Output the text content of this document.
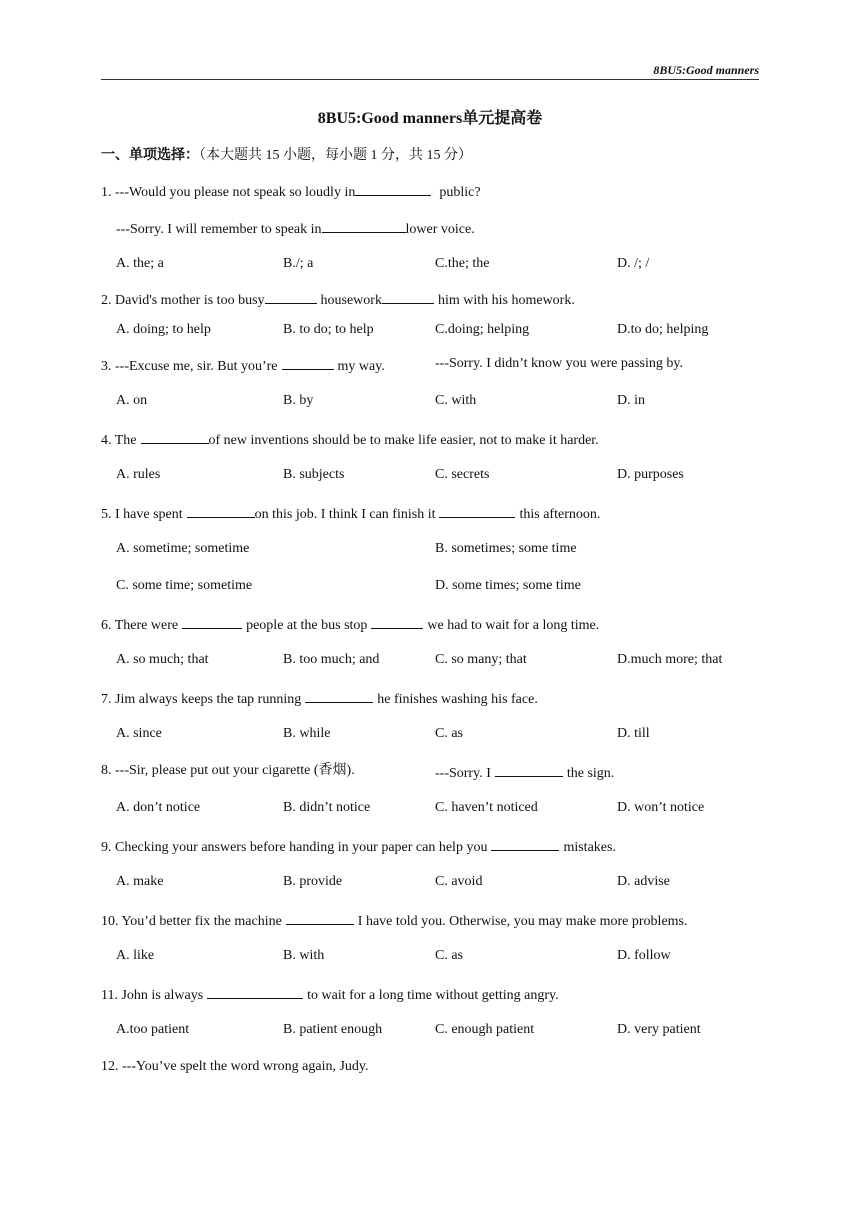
8BU5:Good manners
8BU5:Good manners单元提高卷
一、单项选择：（本大题共 15 小题，每小题 1 分，共 15 分）
1. ---Would you please not speak so loudly in	public?
---Sorry. I will remember to speak in	lower voice.
A. the; a	B./; a	C.the; the	D. /; /
2. David's mother is too busy	housework	him with his homework.
A. doing; to help	B. to do; to help	C.doing; helping	D.to do; helping
3. ---Excuse me, sir. But you’re	my way.	---Sorry. I didn’t know you were passing by.
A. on	B. by	C. with	D. in
4. The	of new inventions should be to make life easier, not to make it harder.
A. rules	B. subjects	C. secrets	D. purposes
5. I have spent	on this job. I think I can finish it	this afternoon.
A. sometime; sometime	B. sometimes; some time
C. some time; sometime	D. some times; some time
6. There were	people at the bus stop	we had to wait for a long time.
A. so much; that	B. too much; and	C. so many; that	D.much more; that
7. Jim always keeps the tap running	he finishes washing his face.
A. since	B. while	C. as	D. till
8. ---Sir, please put out your cigarette (香烟).	---Sorry. I	the sign.
A. don’t notice	B. didn’t notice	C. haven’t noticed	D. won’t notice
9. Checking your answers before handing in your paper can help you	mistakes.
A. make	B. provide	C. avoid	D. advise
10. You’d better fix the machine	I have told you. Otherwise, you may make more problems.
A. like	B. with	C. as	D. follow
11. John is always	to wait for a long time without getting angry.
A.too patient	B. patient enough	C. enough patient	D. very patient
12. ---You’ve spelt the word wrong again, Judy.
